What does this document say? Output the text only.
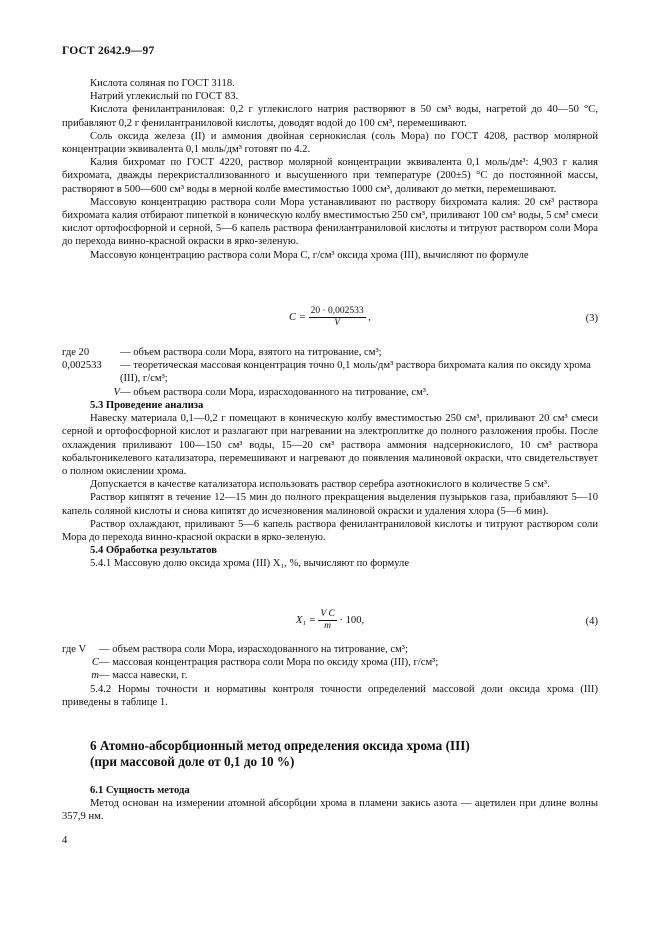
ГОСТ 2642.9—97

Кислота соляная по ГОСТ 3118.

Натрий углекислый по ГОСТ 83.

Кислота фенилантраниловая: 0,2 г углекислого натрия растворяют в 50 см³ воды, нагретой до 40—50 °С, прибавляют 0,2 г фенилантраниловой кислоты, доводят водой до 100 см³, перемешивают.

Соль оксида железа (II) и аммония двойная сернокислая (соль Мора) по ГОСТ 4208, раствор молярной концентрации эквивалента 0,1 моль/дм³ готовят по 4.2.

Калия бихромат по ГОСТ 4220, раствор молярной концентрации эквивалента 0,1 моль/дм³: 4,903 г калия бихромата, дважды перекристаллизованного и высушенного при температуре (200±5) °С до постоянной массы, растворяют в 500—600 см³ воды в мерной колбе вместимостью 1000 см³, доливают до метки, перемешивают.

Массовую концентрацию раствора соли Мора устанавливают по раствору бихромата калия: 20 см³ раствора бихромата калия отбирают пипеткой в коническую колбу вместимостью 250 см³, приливают 100 см³ воды, 5 см³ смеси кислот ортофосфорной и серной, 5—6 капель раствора фенилантраниловой кислоты и титруют раствором соли Мора до перехода винно-красной окраски в ярко-зеленую.

Массовую концентрацию раствора соли Мора С, г/см³ оксида хрома (III), вычисляют по формуле

$C = \frac{20 \cdot 0,002533}{V}$ ,	(3)
где 20	— объем раствора соли Мора, взятого на титрование, см³;
0,002533	— теоретическая массовая концентрация точно 0,1 моль/дм³ раствора бихромата калия по оксиду хрома (III), г/см³;
V — объем раствора соли Мора, израсходованного на титрование, см³.

5.3 Проведение анализа

Навеску материала 0,1—0,2 г помещают в коническую колбу вместимостью 250 см³, приливают 20 см³ смеси серной и ортофосфорной кислот и разлагают при нагревании на электроплитке до полного разложения пробы. После охлаждения приливают 100—150 см³ воды, 15—20 см³ раствора аммония надсернокислого, 10 см³ раствора кобальтоникелевого катализатора, перемешивают и нагревают до появления малиновой окраски, что свидетельствует о полном окислении хрома.

Допускается в качестве катализатора использовать раствор серебра азотнокислого в количестве 5 см³.

Раствор кипятят в течение 12—15 мин до полного прекращения выделения пузырьков газа, прибавляют 5—10 капель соляной кислоты и снова кипятят до исчезновения малиновой окраски и удаления хлора (5—6 мин).

Раствор охлаждают, приливают 5—6 капель раствора фенилантраниловой кислоты и титруют раствором соли Мора до перехода винно-красной окраски в ярко-зеленую.

5.4 Обработка результатов

5.4.1 Массовую долю оксида хрома (III) X₁, %, вычисляют по формуле

$X_1 = \frac{\text{V C}}{m} \cdot 100$,	(4)
где V	— объем раствора соли Мора, израсходованного на титрование, см³;
C — массовая концентрация раствора соли Мора по оксиду хрома (III), г/см³;
m — масса навески, г.

5.4.2 Нормы точности и нормативы контроля точности определений массовой доли оксида хрома (III) приведены в таблице 1.

6 Атомно-абсорбционный метод определения оксида хрома (III)
(при массовой доле от 0,1 до 10 %)

6.1 Сущность метода

Метод основан на измерении атомной абсорбции хрома в пламени закись азота — ацетилен при длине волны 357,9 нм.

4
